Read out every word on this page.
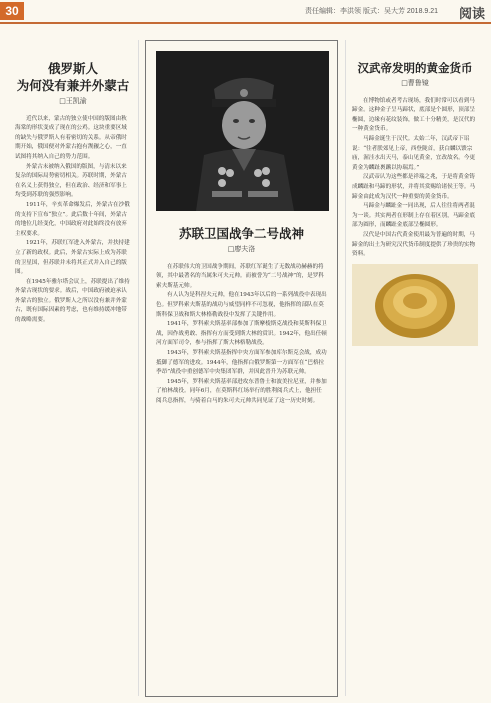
30	责任编辑：李洪领 版式：吴大芳 2018.9.21 阅读
俄罗斯人
为何没有兼并外蒙古
□王凯渝

近代以来，蒙古的独立使中国的版图由秋海棠的形状变成了现在的公鸡。这块重要区域的缺失与俄罗斯人有着密切的关系。从帝俄时期开始，俄国便对外蒙古抱有觊觎之心，一直试图将其纳入自己的势力范围。

外蒙古未被纳入俄国的版图，与清末以来复杂的国际局势密切相关。苏联时期，外蒙古在名义上获得独立，但在政治、经济和军事上均受到苏联的强烈影响。

1911年，辛亥革命爆发后，外蒙古在沙俄的支持下宣布“独立”。此后数十年间，外蒙古的地位几经变化，中国政府对此始终没有放弃主权要求。

1921年，苏联红军进入外蒙古，并扶持建立了新的政权。此后，外蒙古实际上成为苏联的卫星国，但苏联并未将其正式并入自己的版图。

在1945年雅尔塔会议上，苏联提出了维持外蒙古现状的要求。战后，中国政府被迫承认外蒙古的独立。俄罗斯人之所以没有兼并外蒙古，既有国际因素的考虑，也有维持缓冲地带的战略需要。

苏联卫国战争二号战神
□廖夫洛

在苏联伟大的卫国战争期间，苏联红军诞生了无数战功赫赫的将领，其中最著名的当属朱可夫元帅。而被誉为“二号战神”的，是罗科索夫斯基元帅。

有人认为是科涅夫元帅，他在1943年以后的一系列战役中表现出色。但罗科索夫斯基的战功与威望同样不可忽视，他指挥的部队在莫斯科保卫战和斯大林格勒战役中发挥了关键作用。

1941年，罗科索夫斯基率部参加了斯摩棱斯克战役和莫斯科保卫战，因作战勇敢、指挥有方而受到斯大林的赏识。1942年，他出任顿河方面军司令，参与指挥了斯大林格勒战役。

1943年，罗科索夫斯基指挥中央方面军参加库尔斯克会战，成功抵御了德军的进攻。1944年，他指挥白俄罗斯第一方面军在“巴格拉季昂”战役中重创德军中央集团军群，并因此晋升为苏联元帅。

1945年，罗科索夫斯基率部进攻东普鲁士和波美拉尼亚，并参加了柏林战役。同年6月，在莫斯科红场举行的胜利阅兵式上，他担任阅兵总指挥，与骑着白马的朱可夫元帅共同见证了这一历史时刻。

汉武帝发明的黄金货币
□曹鲁镜

在博物馆或者考古现场，我们时常可以看到马蹄金。这种金子呈马蹄状，底部是个圆形，顶部呈椭圆，边缘有花纹装饰，做工十分精美，是汉代的一种黄金货币。

马蹄金诞生于汉代。太始二年，汉武帝下诏说：“往者朕郊见上帝，西登陇首，获白麟以馈宗庙，渥洼水出天马，泰山见黄金，宜改故名。今更黄金为麟趾褭蹏以协瑞焉。”

汉武帝认为这些都是祥瑞之兆，于是将黄金铸成麟趾和马蹄的形状，并将其赏赐给诸侯王等。马蹄金由此成为汉代一种重要的黄金货币。

马蹄金与麟趾金一同出现，后人往往将两者混为一谈。其实两者在形制上存在着区别，马蹄金底部为圆形，而麟趾金底部呈椭圆形。

汉代是中国古代黄金使用最为普遍的时期，马蹄金的出土为研究汉代货币制度提供了珍贵的实物资料。
